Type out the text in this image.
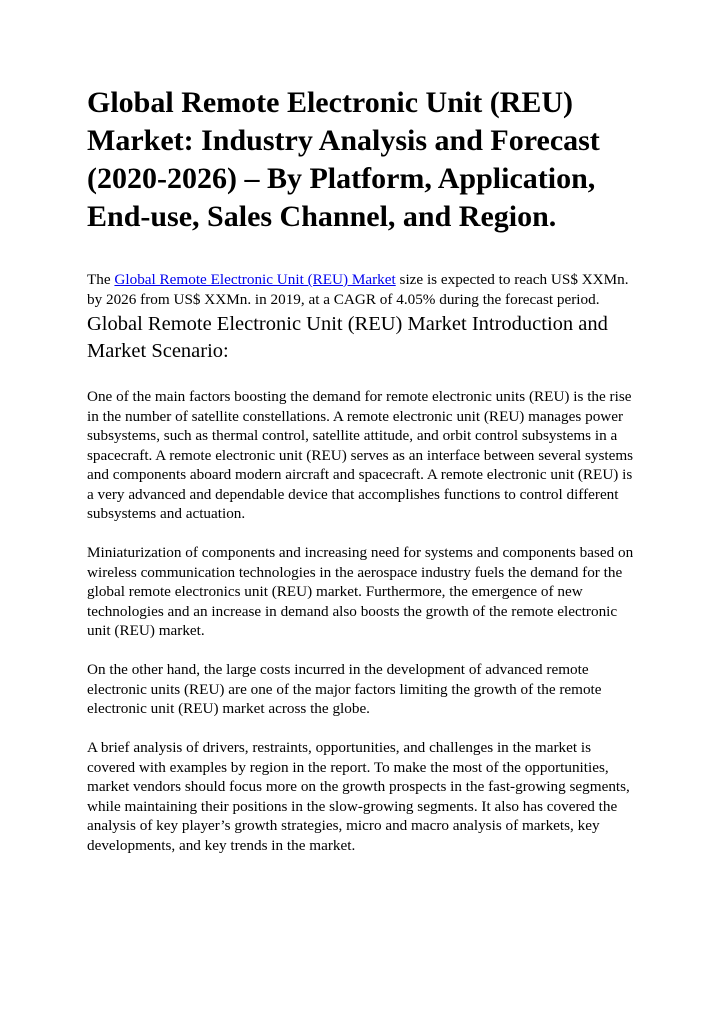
Global Remote Electronic Unit (REU) Market: Industry Analysis and Forecast (2020-2026) – By Platform, Application, End-use, Sales Channel, and Region.

The Global Remote Electronic Unit (REU) Market size is expected to reach US$ XXMn. by 2026 from US$ XXMn. in 2019, at a CAGR of 4.05% during the forecast period.

Global Remote Electronic Unit (REU) Market Introduction and Market Scenario:

One of the main factors boosting the demand for remote electronic units (REU) is the rise in the number of satellite constellations. A remote electronic unit (REU) manages power subsystems, such as thermal control, satellite attitude, and orbit control subsystems in a spacecraft. A remote electronic unit (REU) serves as an interface between several systems and components aboard modern aircraft and spacecraft. A remote electronic unit (REU) is a very advanced and dependable device that accomplishes functions to control different subsystems and actuation.

Miniaturization of components and increasing need for systems and components based on wireless communication technologies in the aerospace industry fuels the demand for the global remote electronics unit (REU) market. Furthermore, the emergence of new technologies and an increase in demand also boosts the growth of the remote electronic unit (REU) market.

On the other hand, the large costs incurred in the development of advanced remote electronic units (REU) are one of the major factors limiting the growth of the remote electronic unit (REU) market across the globe.

A brief analysis of drivers, restraints, opportunities, and challenges in the market is covered with examples by region in the report. To make the most of the opportunities, market vendors should focus more on the growth prospects in the fast-growing segments, while maintaining their positions in the slow-growing segments. It also has covered the analysis of key player’s growth strategies, micro and macro analysis of markets, key developments, and key trends in the market.
